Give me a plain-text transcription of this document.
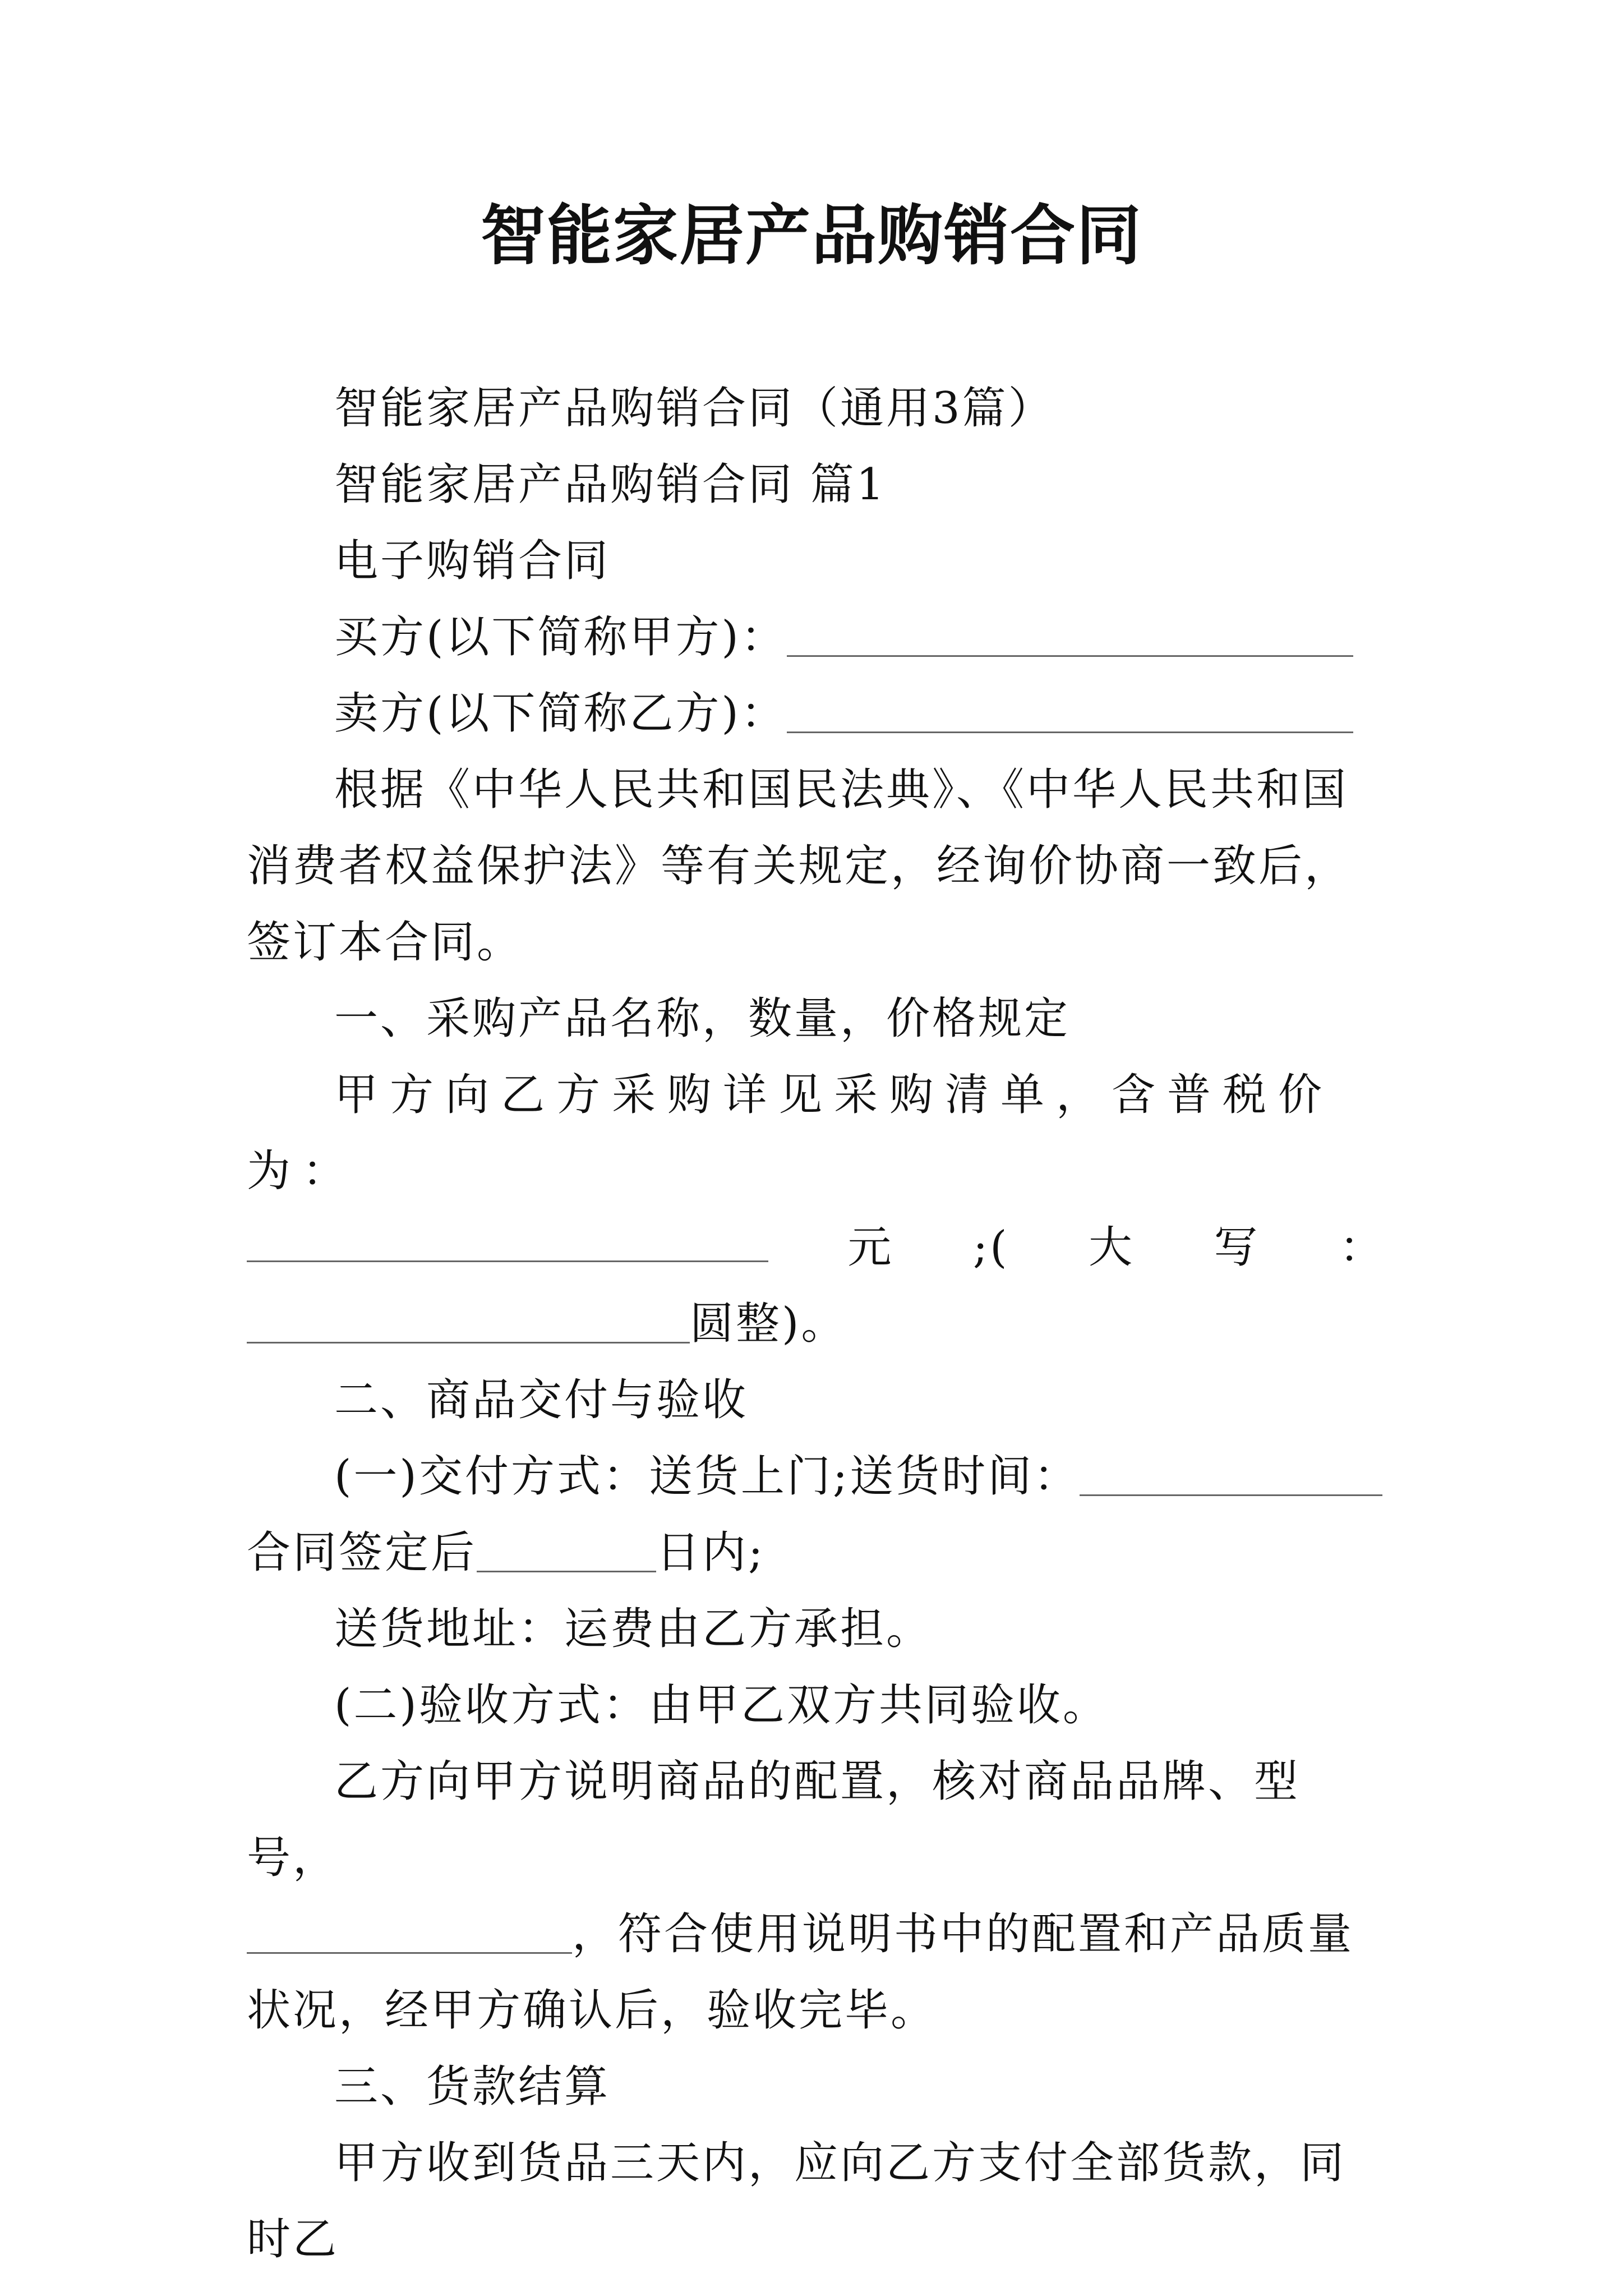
智能家居产品购销合同

智能家居产品购销合同（通用3篇）

智能家居产品购销合同 篇1

电子购销合同

买方(以下简称甲方)：

卖方(以下简称乙方)：

根据《中华人民共和国民法典》、《中华人民共和国消费者权益保护法》等有关规定，经询价协商一致后，签订本合同。

一、采购产品名称，数量，价格规定

甲方向乙方采购详见采购清单，含普税价为：

元 ;( 大 写 ：

圆整)。

二、商品交付与验收

(一)交付方式：送货上门;送货时间：

合同签定后	日内;

送货地址：运费由乙方承担。

(二)验收方式：由甲乙双方共同验收。

乙方向甲方说明商品的配置，核对商品品牌、型号，

，符合使用说明书中的配置和产品质量状况，经甲方确认后，验收完毕。

三、货款结算

甲方收到货品三天内，应向乙方支付全部货款，同时乙
